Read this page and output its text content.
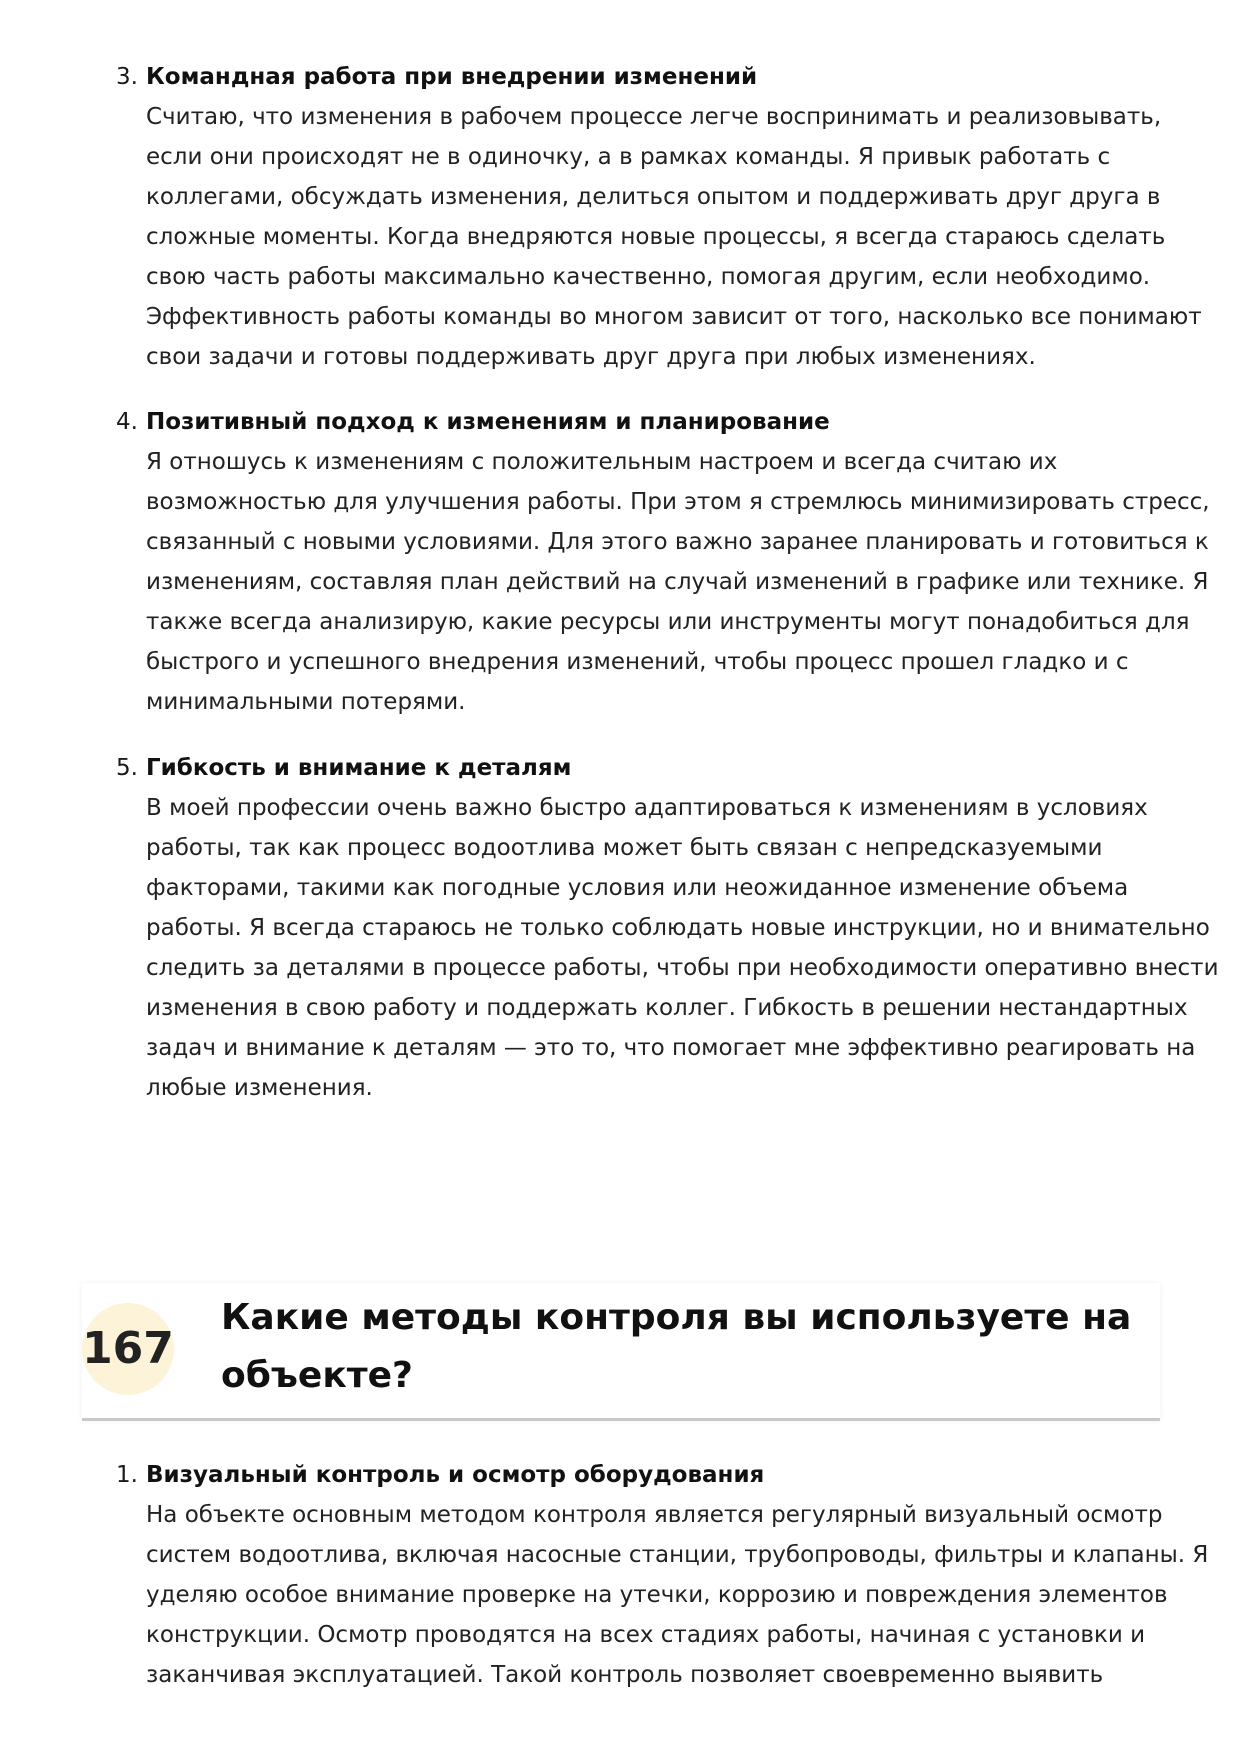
3. Командная работа при внедрении изменений
Считаю, что изменения в рабочем процессе легче воспринимать и реализовывать,
если они происходят не в одиночку, а в рамках команды. Я привык работать с
коллегами, обсуждать изменения, делиться опытом и поддерживать друг друга в
сложные моменты. Когда внедряются новые процессы, я всегда стараюсь сделать
свою часть работы максимально качественно, помогая другим, если необходимо.
Эффективность работы команды во многом зависит от того, насколько все понимают
свои задачи и готовы поддерживать друг друга при любых изменениях.
4. Позитивный подход к изменениям и планирование
Я отношусь к изменениям с положительным настроем и всегда считаю их
возможностью для улучшения работы. При этом я стремлюсь минимизировать стресс,
связанный с новыми условиями. Для этого важно заранее планировать и готовиться к
изменениям, составляя план действий на случай изменений в графике или технике. Я
также всегда анализирую, какие ресурсы или инструменты могут понадобиться для
быстрого и успешного внедрения изменений, чтобы процесс прошел гладко и с
минимальными потерями.
5. Гибкость и внимание к деталям
В моей профессии очень важно быстро адаптироваться к изменениям в условиях
работы, так как процесс водоотлива может быть связан с непредсказуемыми
факторами, такими как погодные условия или неожиданное изменение объема
работы. Я всегда стараюсь не только соблюдать новые инструкции, но и внимательно
следить за деталями в процессе работы, чтобы при необходимости оперативно внести
изменения в свою работу и поддержать коллег. Гибкость в решении нестандартных
задач и внимание к деталям — это то, что помогает мне эффективно реагировать на
любые изменения.
167
Какие методы контроля вы используете на
объекте?
1. Визуальный контроль и осмотр оборудования
На объекте основным методом контроля является регулярный визуальный осмотр
систем водоотлива, включая насосные станции, трубопроводы, фильтры и клапаны. Я
уделяю особое внимание проверке на утечки, коррозию и повреждения элементов
конструкции. Осмотр проводятся на всех стадиях работы, начиная с установки и
заканчивая эксплуатацией. Такой контроль позволяет своевременно выявить
